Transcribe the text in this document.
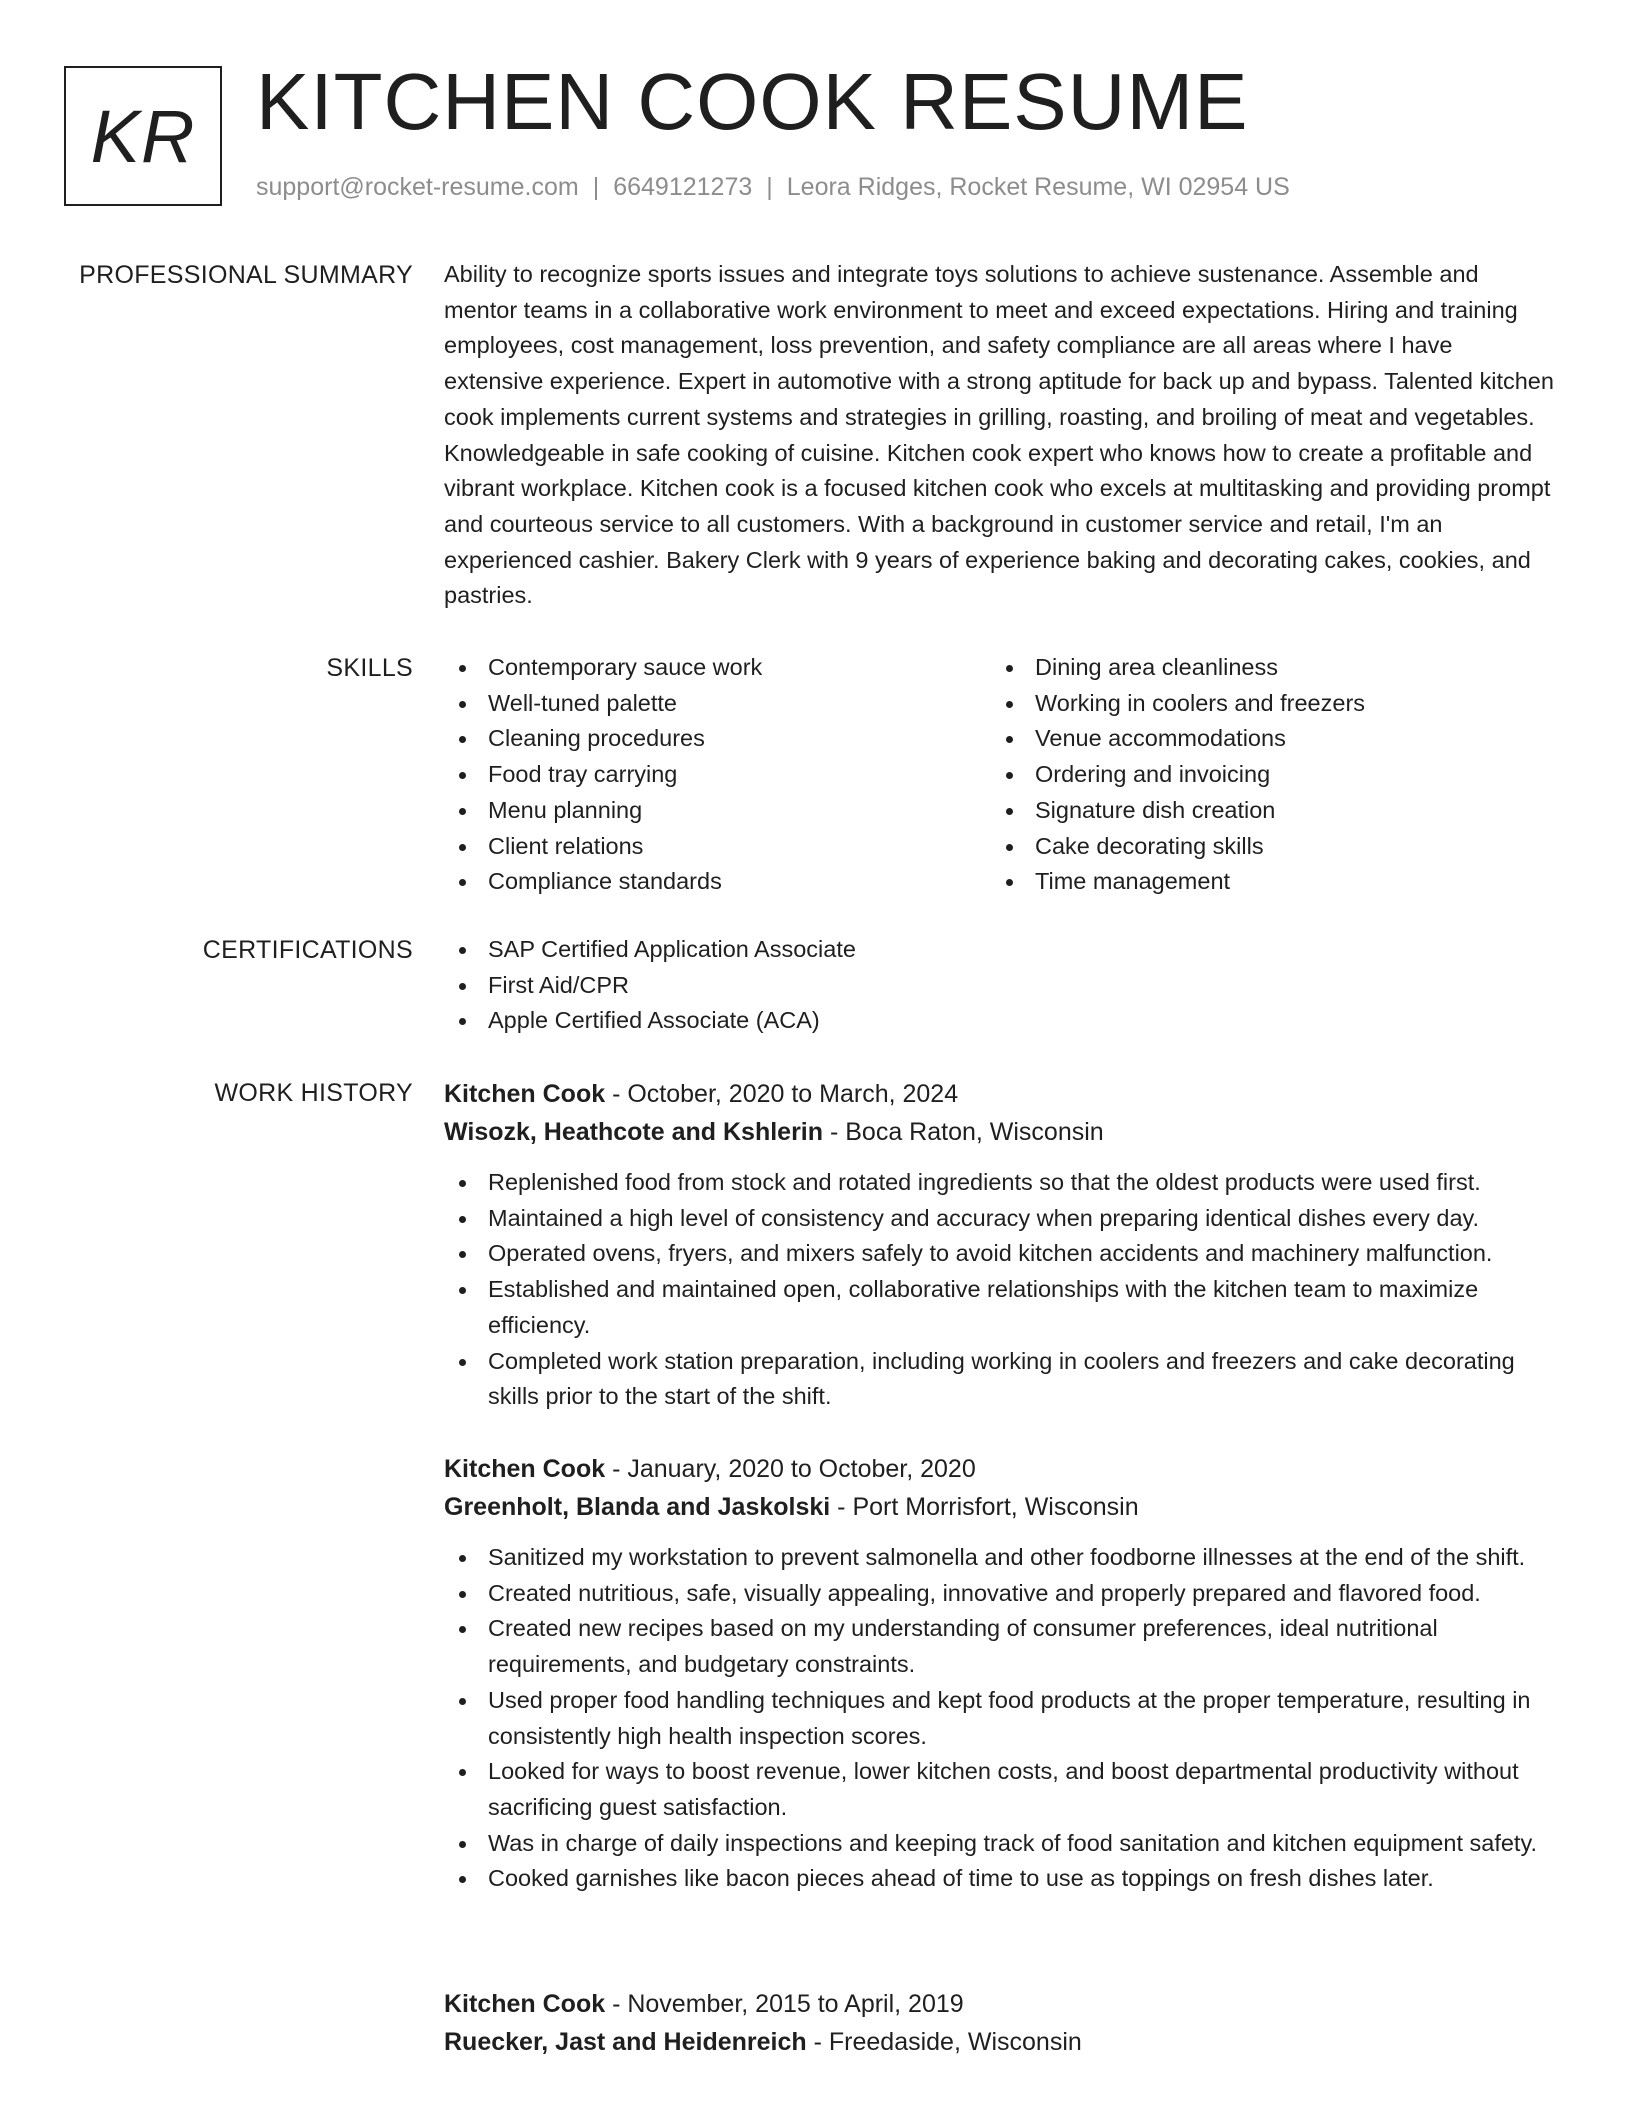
KR KITCHEN COOK RESUME
support@rocket-resume.com | 6649121273 | Leora Ridges, Rocket Resume, WI 02954 US
PROFESSIONAL SUMMARY Ability to recognize sports issues and integrate toys solutions to achieve sustenance. Assemble and mentor teams in a collaborative work environment to meet and exceed expectations. Hiring and training employees, cost management, loss prevention, and safety compliance are all areas where I have extensive experience. Expert in automotive with a strong aptitude for back up and bypass. Talented kitchen cook implements current systems and strategies in grilling, roasting, and broiling of meat and vegetables. Knowledgeable in safe cooking of cuisine. Kitchen cook expert who knows how to create a profitable and vibrant workplace. Kitchen cook is a focused kitchen cook who excels at multitasking and providing prompt and courteous service to all customers. With a background in customer service and retail, I'm an experienced cashier. Bakery Clerk with 9 years of experience baking and decorating cakes, cookies, and pastries.

SKILLS	Contemporary sauce work
Well-tuned palette
Cleaning procedures
Food tray carrying
Menu planning
Client relations
Compliance standards
Dining area cleanliness
Working in coolers and freezers
Venue accommodations
Ordering and invoicing
Signature dish creation
Cake decorating skills
Time management
CERTIFICATIONS	SAP Certified Application Associate
First Aid/CPR
Apple Certified Associate (ACA)
WORK HISTORY Kitchen Cook - October, 2020 to March, 2024
Wisozk, Heathcote and Kshlerin - Boca Raton, Wisconsin
Replenished food from stock and rotated ingredients so that the oldest products were used first.
Maintained a high level of consistency and accuracy when preparing identical dishes every day.
Operated ovens, fryers, and mixers safely to avoid kitchen accidents and machinery malfunction.
Established and maintained open, collaborative relationships with the kitchen team to maximize efficiency.
Completed work station preparation, including working in coolers and freezers and cake decorating skills prior to the start of the shift.
Kitchen Cook - January, 2020 to October, 2020
Greenholt, Blanda and Jaskolski - Port Morrisfort, Wisconsin
Sanitized my workstation to prevent salmonella and other foodborne illnesses at the end of the shift.
Created nutritious, safe, visually appealing, innovative and properly prepared and flavored food.
Created new recipes based on my understanding of consumer preferences, ideal nutritional requirements, and budgetary constraints.
Used proper food handling techniques and kept food products at the proper temperature, resulting in consistently high health inspection scores.
Looked for ways to boost revenue, lower kitchen costs, and boost departmental productivity without sacrificing guest satisfaction.
Was in charge of daily inspections and keeping track of food sanitation and kitchen equipment safety.
Cooked garnishes like bacon pieces ahead of time to use as toppings on fresh dishes later.
Kitchen Cook - November, 2015 to April, 2019
Ruecker, Jast and Heidenreich - Freedaside, Wisconsin
